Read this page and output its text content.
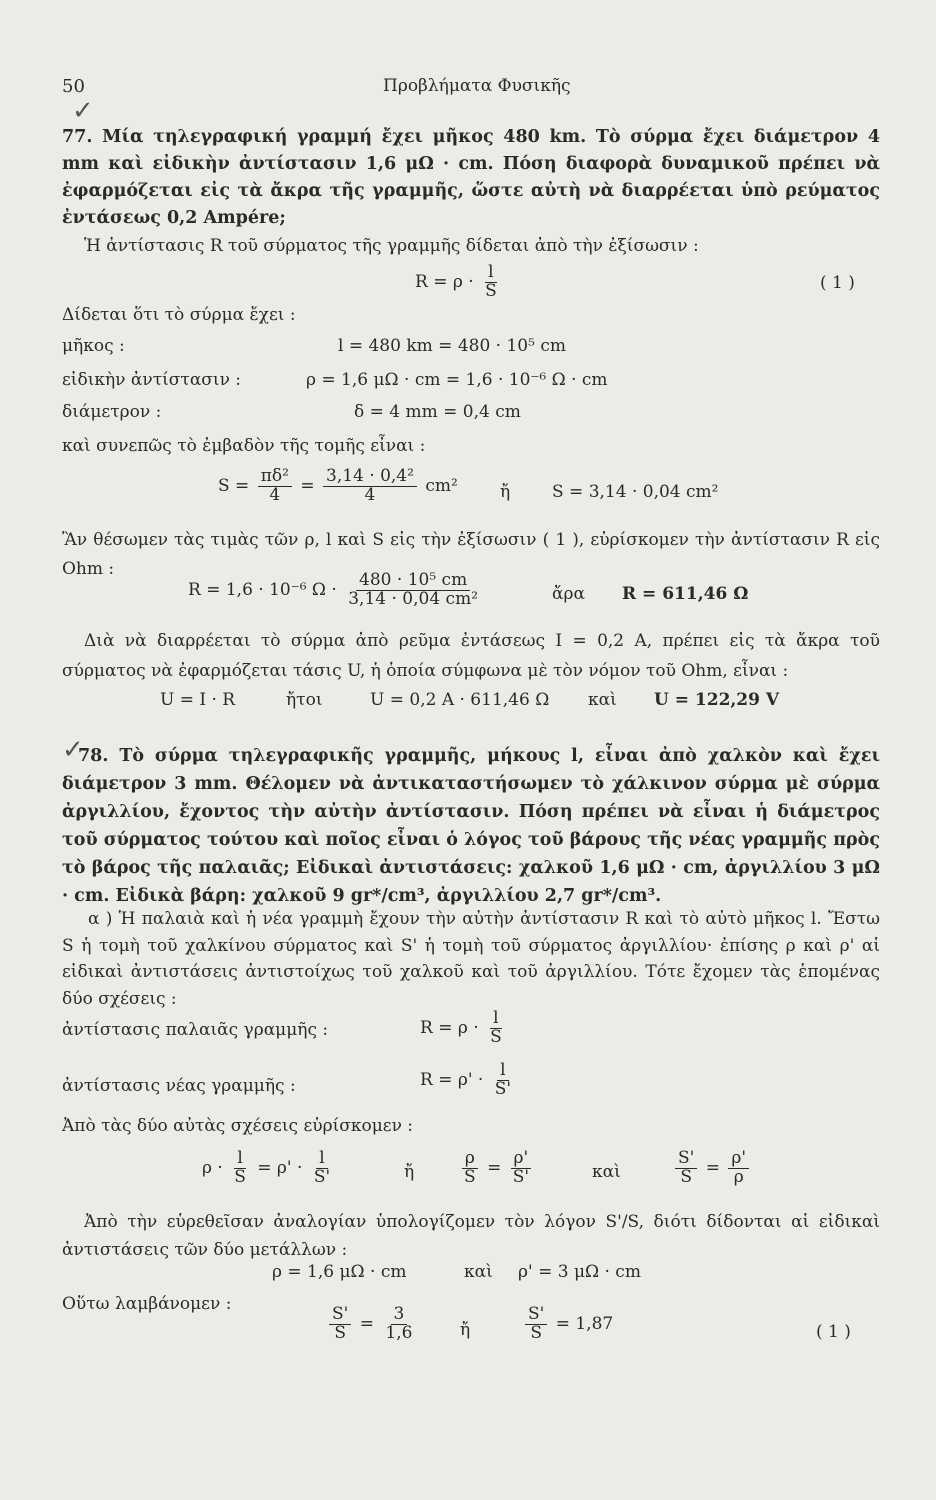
50	Προβλήματα Φυσικῆς
✓
77. Μία τηλεγραφική γραμμή ἔχει μῆκος 480 km. Τὸ σύρμα ἔχει διάμετρον 4 mm καὶ εἰδικὴν ἀντίστασιν 1,6 μΩ · cm. Πόση διαφορὰ δυναμικοῦ πρέπει νὰ ἐφαρμόζεται εἰς τὰ ἄκρα τῆς γραμμῆς, ὥστε αὐτὴ νὰ διαρρέεται ὑπὸ ρεύματος ἐντάσεως 0,2 Ampére;
Ἡ ἀντίστασις R τοῦ σύρματος τῆς γραμμῆς δίδεται ἀπὸ τὴν ἐξίσωσιν :
$R = \rho \cdot \frac{l}{S}$	( 1 )
Δίδεται ὅτι τὸ σύρμα ἔχει :
μῆκος :	l = 480 km = 480 · 10⁵ cm
εἰδικὴν ἀντίστασιν :	ρ = 1,6 μΩ · cm = 1,6 · 10⁻⁶ Ω · cm
διάμετρον :	δ = 4 mm = 0,4 cm
καὶ συνεπῶς τὸ ἐμβαδὸν τῆς τομῆς εἶναι :
$S = \frac{\text{πδ²}}{4} = \frac{\text{3,14 · 0,4²}}{4} cm^2$ ἤ S = 3,14 · 0,04 cm²
Ἂν θέσωμεν τὰς τιμὰς τῶν ρ, l καὶ S εἰς τὴν ἐξίσωσιν ( 1 ), εὑρίσκομεν τὴν ἀντίστασιν R εἰς Ohm :
R = 1,6 · 10⁻⁶ $\Omega \cdot \frac{\text{480 · 10⁵ cm}}{\text{3,14 · 0,04 cm²}}$	ἄρα R = 611,46 Ω
Διὰ νὰ διαρρέεται τὸ σύρμα ἀπὸ ρεῦμα ἐντάσεως I = 0,2 A, πρέπει εἰς τὰ ἄκρα τοῦ σύρματος νὰ ἐφαρμόζεται τάσις U, ἡ ὁποία σύμφωνα μὲ τὸν νόμον τοῦ Ohm, εἶναι :
U = I · R	ἤτοι	U = 0,2 A · 611,46 Ω καὶ U = 122,29 V
✓
78. Τὸ σύρμα τηλεγραφικῆς γραμμῆς, μήκους l, εἶναι ἀπὸ χαλκὸν καὶ ἔχει διάμετρον 3 mm. Θέλομεν νὰ ἀντικαταστήσωμεν τὸ χάλκινον σύρμα μὲ σύρμα ἀργιλλίου, ἔχοντος τὴν αὐτὴν ἀντίστασιν. Πόση πρέπει νὰ εἶναι ἡ διάμετρος τοῦ σύρματος τούτου καὶ ποῖος εἶναι ὁ λόγος τοῦ βάρους τῆς νέας γραμμῆς πρὸς τὸ βάρος τῆς παλαιᾶς; Εἰδικαὶ ἀντιστάσεις: χαλκοῦ 1,6 μΩ · cm, ἀργιλλίου 3 μΩ · cm. Εἰδικὰ βάρη: χαλκοῦ 9 gr*/cm³, ἀργιλλίου 2,7 gr*/cm³.
α ) Ἡ παλαιὰ καὶ ἡ νέα γραμμὴ ἔχουν τὴν αὐτὴν ἀντίστασιν R καὶ τὸ αὐτὸ μῆκος l. Ἔστω S ἡ τομὴ τοῦ χαλκίνου σύρματος καὶ S' ἡ τομὴ τοῦ σύρματος ἀργιλλίου· ἐπίσης ρ καὶ ρ' αἱ εἰδικαὶ ἀντιστάσεις ἀντιστοίχως τοῦ χαλκοῦ καὶ τοῦ ἀργιλλίου. Τότε ἔχομεν τὰς ἑπομένας δύο σχέσεις :
ἀντίστασις παλαιᾶς γραμμῆς :	$R = \rho \cdot \frac{l}{S}$
ἀντίστασις νέας γραμμῆς :	$R = \rho' \cdot \frac{l}{S'}$
Ἀπὸ τὰς δύο αὐτὰς σχέσεις εὑρίσκομεν :
$\rho \cdot \frac{l}{S} = \rho' \cdot \frac{l}{S'}$	ἤ	$\frac{\rho}{S} = \frac{\rho'}{S'}$	καὶ	$\frac{S'}{S} = \frac{\rho'}{\rho}$
Ἀπὸ τὴν εὑρεθεῖσαν ἀναλογίαν ὑπολογίζομεν τὸν λόγον S'/S, διότι δίδονται αἱ εἰδικαὶ ἀντιστάσεις τῶν δύο μετάλλων :
ρ = 1,6 μΩ · cm	καὶ ρ' = 3 μΩ · cm
Οὕτω λαμβάνομεν :
$\frac{S'}{S} = \frac{3}{1,6}$	ἤ	$\frac{S'}{S} = 1,87$	( 1 )
